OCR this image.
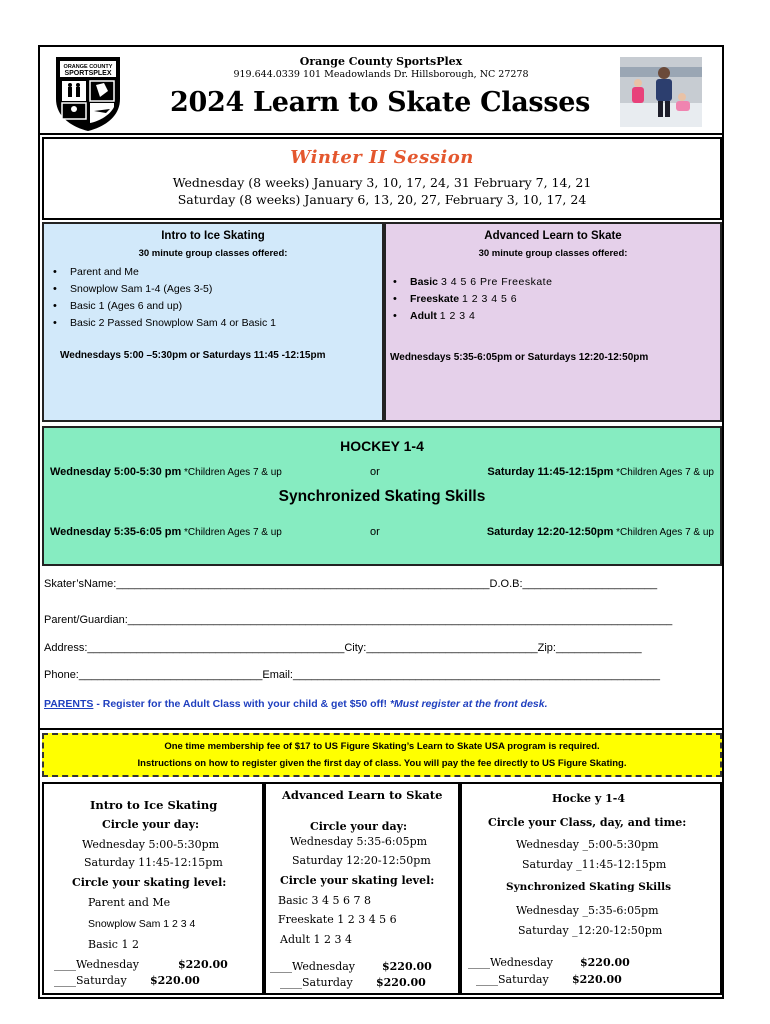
ORANGE COUNTY
SPORTSPLEX
Orange County SportsPlex
919.644.0339 101 Meadowlands Dr. Hillsborough, NC 27278
2024 Learn to Skate Classes
Winter II Session
Wednesday (8 weeks) January 3, 10, 17, 24, 31 February 7, 14, 21
Saturday (8 weeks) January 6, 13, 20, 27, February 3, 10, 17, 24
Intro to Ice Skating
30 minute group classes offered:
• Parent and Me
• Snowplow Sam 1-4 (Ages 3-5)
• Basic 1 (Ages 6 and up)
• Basic 2 Passed Snowplow Sam 4 or Basic 1
Wednesdays 5:00 –5:30pm or Saturdays 11:45 -12:15pm
Advanced Learn to Skate
30 minute group classes offered:
• Basic 3 4 5 6 Pre Freeskate
• Freeskate 1 2 3 4 5 6
• Adult 1 2 3 4
Wednesdays 5:35-6:05pm or Saturdays 12:20-12:50pm
HOCKEY 1-4
Wednesday 5:00-5:30 pm *Children Ages 7 & up	or	Saturday 11:45-12:15pm *Children Ages 7 & up
Synchronized Skating Skills
Wednesday 5:35-6:05 pm *Children Ages 7 & up	or	Saturday 12:20-12:50pm *Children Ages 7 & up
Skater’sName:_____________________________________________________________D.O.B:______________________
Parent/Guardian:_________________________________________________________________________________________
Address:__________________________________________City:____________________________Zip:______________
Phone:______________________________Email:____________________________________________________________
PARENTS - Register for the Adult Class with your child & get $50 off! *Must register at the front desk.
One time membership fee of $17 to US Figure Skating’s Learn to Skate USA program is required.
Instructions on how to register given the first day of class. You will pay the fee directly to US Figure Skating.
Intro to Ice Skating
Circle your day:
Wednesday 5:00-5:30pm
Saturday 11:45-12:15pm
Circle your skating level:
Parent and Me
Snowplow Sam 1 2 3 4
Basic 1 2
____Wednesday	$220.00
____Saturday $220.00
Advanced Learn to Skate
Circle your day:
Wednesday 5:35-6:05pm
Saturday 12:20-12:50pm
Circle your skating level:
Basic 3 4 5 6 7 8
Freeskate 1 2 3 4 5 6
Adult 1 2 3 4
____Wednesday $220.00
____Saturday $220.00
Hocke y 1-4
Circle your Class, day, and time:
Wednesday _5:00-5:30pm
Saturday _11:45-12:15pm
Synchronized Skating Skills
Wednesday _5:35-6:05pm
Saturday _12:20-12:50pm
____Wednesday $220.00
____Saturday $220.00
